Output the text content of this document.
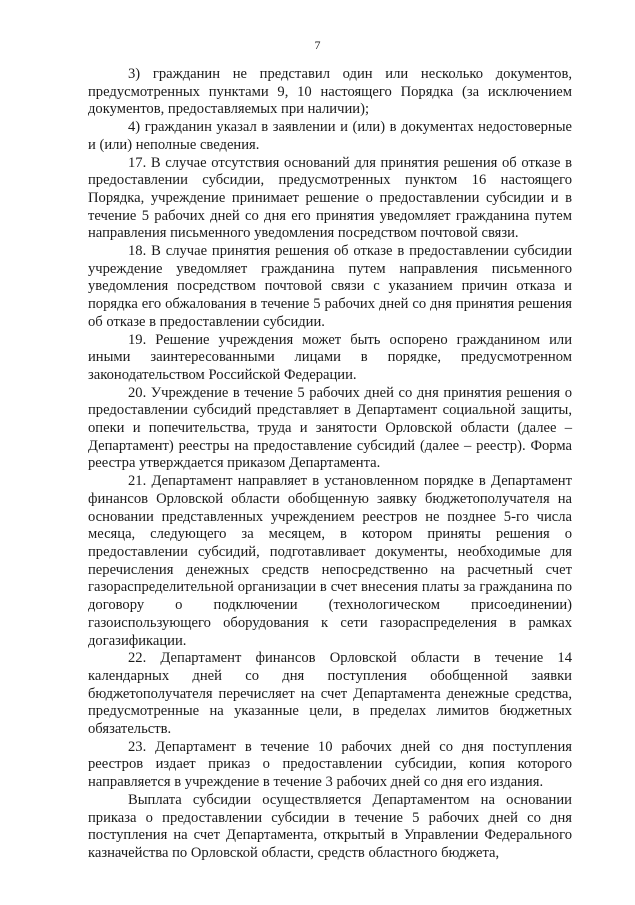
7

3) гражданин не представил один или несколько документов, предусмотренных пунктами 9, 10 настоящего Порядка (за исключением документов, предоставляемых при наличии);

4) гражданин указал в заявлении и (или) в документах недостоверные и (или) неполные сведения.

17. В случае отсутствия оснований для принятия решения об отказе в предоставлении субсидии, предусмотренных пунктом 16 настоящего Порядка, учреждение принимает решение о предоставлении субсидии и в течение 5 рабочих дней со дня его принятия уведомляет гражданина путем направления письменного уведомления посредством почтовой связи.

18. В случае принятия решения об отказе в предоставлении субсидии учреждение уведомляет гражданина путем направления письменного уведомления посредством почтовой связи с указанием причин отказа и порядка его обжалования в течение 5 рабочих дней со дня принятия решения об отказе в предоставлении субсидии.

19. Решение учреждения может быть оспорено гражданином или иными заинтересованными лицами в порядке, предусмотренном законодательством Российской Федерации.

20. Учреждение в течение 5 рабочих дней со дня принятия решения о предоставлении субсидий представляет в Департамент социальной защиты, опеки и попечительства, труда и занятости Орловской области (далее – Департамент) реестры на предоставление субсидий (далее – реестр). Форма реестра утверждается приказом Департамента.

21. Департамент направляет в установленном порядке в Департамент финансов Орловской области обобщенную заявку бюджетополучателя на основании представленных учреждением реестров не позднее 5-го числа месяца, следующего за месяцем, в котором приняты решения о предоставлении субсидий, подготавливает документы, необходимые для перечисления денежных средств непосредственно на расчетный счет газораспределительной организации в счет внесения платы за гражданина по договору о подключении (технологическом присоединении) газоиспользующего оборудования к сети газораспределения в рамках догазификации.

22. Департамент финансов Орловской области в течение 14 календарных дней со дня поступления обобщенной заявки бюджетополучателя перечисляет на счет Департамента денежные средства, предусмотренные на указанные цели, в пределах лимитов бюджетных обязательств.

23. Департамент в течение 10 рабочих дней со дня поступления реестров издает приказ о предоставлении субсидии, копия которого направляется в учреждение в течение 3 рабочих дней со дня его издания.

Выплата субсидии осуществляется Департаментом на основании приказа о предоставлении субсидии в течение 5 рабочих дней со дня поступления на счет Департамента, открытый в Управлении Федерального казначейства по Орловской области, средств областного бюджета,
